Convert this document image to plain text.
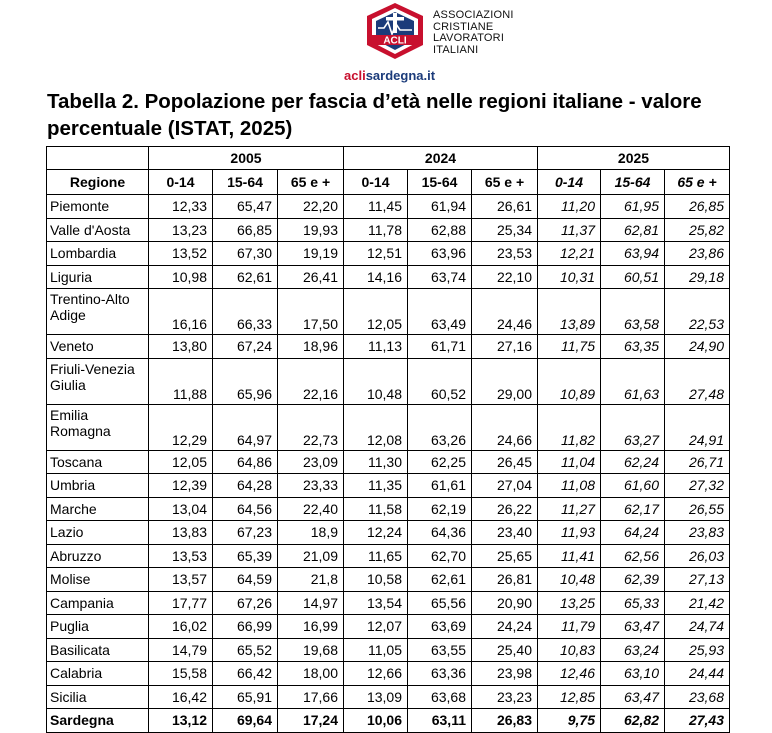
ACLI
ASSOCIAZIONI
CRISTIANE
LAVORATORI
ITALIANI
aclisardegna.it
Tabella 2. Popolazione per fascia d’età nelle regioni italiane - valore percentuale (ISTAT, 2025)
	2005			2024			2025		
Regione	0-14	15-64	65 e +	0-14	15-64	65 e +	0-14	15-64	65 e +
Piemonte	12,33	65,47	22,20	11,45	61,94	26,61	11,20	61,95	26,85
Valle d'Aosta	13,23	66,85	19,93	11,78	62,88	25,34	11,37	62,81	25,82
Lombardia	13,52	67,30	19,19	12,51	63,96	23,53	12,21	63,94	23,86
Liguria	10,98	62,61	26,41	14,16	63,74	22,10	10,31	60,51	29,18
Trentino-Alto Adige	16,16	66,33	17,50	12,05	63,49	24,46	13,89	63,58	22,53
Veneto	13,80	67,24	18,96	11,13	61,71	27,16	11,75	63,35	24,90
Friuli-Venezia Giulia	11,88	65,96	22,16	10,48	60,52	29,00	10,89	61,63	27,48
Emilia Romagna	12,29	64,97	22,73	12,08	63,26	24,66	11,82	63,27	24,91
Toscana	12,05	64,86	23,09	11,30	62,25	26,45	11,04	62,24	26,71
Umbria	12,39	64,28	23,33	11,35	61,61	27,04	11,08	61,60	27,32
Marche	13,04	64,56	22,40	11,58	62,19	26,22	11,27	62,17	26,55
Lazio	13,83	67,23	18,9	12,24	64,36	23,40	11,93	64,24	23,83
Abruzzo	13,53	65,39	21,09	11,65	62,70	25,65	11,41	62,56	26,03
Molise	13,57	64,59	21,8	10,58	62,61	26,81	10,48	62,39	27,13
Campania	17,77	67,26	14,97	13,54	65,56	20,90	13,25	65,33	21,42
Puglia	16,02	66,99	16,99	12,07	63,69	24,24	11,79	63,47	24,74
Basilicata	14,79	65,52	19,68	11,05	63,55	25,40	10,83	63,24	25,93
Calabria	15,58	66,42	18,00	12,66	63,36	23,98	12,46	63,10	24,44
Sicilia	16,42	65,91	17,66	13,09	63,68	23,23	12,85	63,47	23,68
Sardegna	13,12	69,64	17,24	10,06	63,11	26,83	9,75	62,82	27,43
